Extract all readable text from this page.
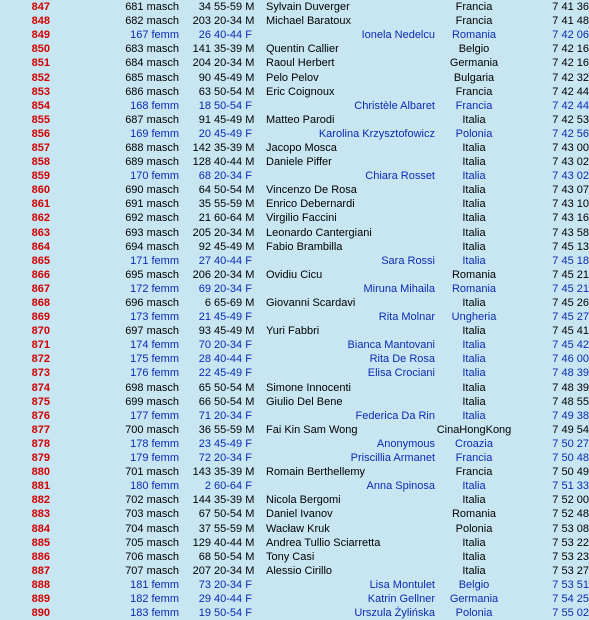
847	681 masch	34	55-59 M	Sylvain Duverger	Francia	7 41 36
848	682 masch	203	20-34 M	Michael Baratoux	Francia	7 41 48
849	167 femm	26	40-44 F	Ionela Nedelcu	Romania	7 42 06
850	683 masch	141	35-39 M	Quentin Callier	Belgio	7 42 16
851	684 masch	204	20-34 M	Raoul Herbert	Germania	7 42 16
852	685 masch	90	45-49 M	Pelo Pelov	Bulgaria	7 42 32
853	686 masch	63	50-54 M	Eric Coignoux	Francia	7 42 44
854	168 femm	18	50-54 F	Christèle Albaret	Francia	7 42 44
855	687 masch	91	45-49 M	Matteo Parodi	Italia	7 42 53
856	169 femm	20	45-49 F	Karolina Krzysztofowicz	Polonia	7 42 56
857	688 masch	142	35-39 M	Jacopo Mosca	Italia	7 43 00
858	689 masch	128	40-44 M	Daniele Piffer	Italia	7 43 02
859	170 femm	68	20-34 F	Chiara Rosset	Italia	7 43 02
860	690 masch	64	50-54 M	Vincenzo De Rosa	Italia	7 43 07
861	691 masch	35	55-59 M	Enrico Debernardi	Italia	7 43 10
862	692 masch	21	60-64 M	Virgilio Faccini	Italia	7 43 16
863	693 masch	205	20-34 M	Leonardo Cantergiani	Italia	7 43 58
864	694 masch	92	45-49 M	Fabio Brambilla	Italia	7 45 13
865	171 femm	27	40-44 F	Sara Rossi	Italia	7 45 18
866	695 masch	206	20-34 M	Ovidiu Cicu	Romania	7 45 21
867	172 femm	69	20-34 F	Miruna Mihaila	Romania	7 45 21
868	696 masch	6	65-69 M	Giovanni Scardavi	Italia	7 45 26
869	173 femm	21	45-49 F	Rita Molnar	Ungheria	7 45 27
870	697 masch	93	45-49 M	Yuri Fabbri	Italia	7 45 41
871	174 femm	70	20-34 F	Bianca Mantovani	Italia	7 45 42
872	175 femm	28	40-44 F	Rita De Rosa	Italia	7 46 00
873	176 femm	22	45-49 F	Elisa Crociani	Italia	7 48 39
874	698 masch	65	50-54 M	Simone Innocenti	Italia	7 48 39
875	699 masch	66	50-54 M	Giulio Del Bene	Italia	7 48 55
876	177 femm	71	20-34 F	Federica Da Rin	Italia	7 49 38
877	700 masch	36	55-59 M	Fai Kin Sam Wong	CinaHongKong	7 49 54
878	178 femm	23	45-49 F	Anonymous	Croazia	7 50 27
879	179 femm	72	20-34 F	Priscillia Armanet	Francia	7 50 48
880	701 masch	143	35-39 M	Romain Berthellemy	Francia	7 50 49
881	180 femm	2	60-64 F	Anna Spinosa	Italia	7 51 33
882	702 masch	144	35-39 M	Nicola Bergomi	Italia	7 52 00
883	703 masch	67	50-54 M	Daniel Ivanov	Romania	7 52 48
884	704 masch	37	55-59 M	Wacław Kruk	Polonia	7 53 08
885	705 masch	129	40-44 M	Andrea Tullio Sciarretta	Italia	7 53 22
886	706 masch	68	50-54 M	Tony Casi	Italia	7 53 23
887	707 masch	207	20-34 M	Alessio Cirillo	Italia	7 53 27
888	181 femm	73	20-34 F	Lisa Montulet	Belgio	7 53 51
889	182 femm	29	40-44 F	Katrin Gellner	Germania	7 54 25
890	183 femm	19	50-54 F	Urszula Żylińska	Polonia	7 55 02
